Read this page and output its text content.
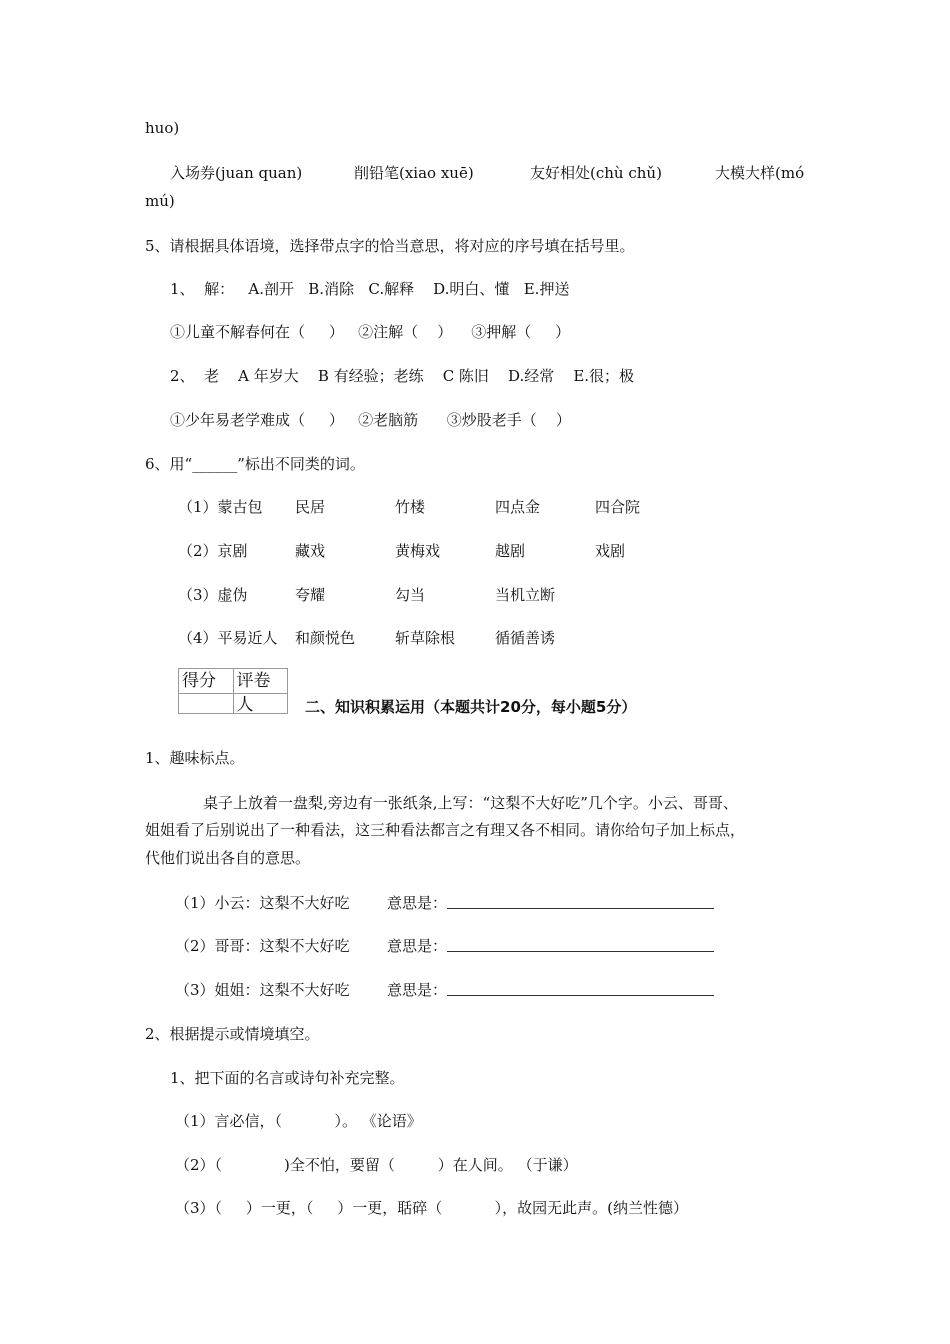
huo)
入场券(juan quan)	削铅笔(xiao xuē)	友好相处(chù chǔ)	大模大样(mó
mú)
5、请根据具体语境，选择带点字的恰当意思，将对应的序号填在括号里。
1、  解：   A.剖开   B.消除   C.解释    D.明白、懂   E.押送
①儿童不解春何在（     ）   ②注解（    ）    ③押解（     ）
2、  老    A 年岁大    B 有经验；老练    C 陈旧    D.经常    E.很；极
①少年易老学难成（     ）   ②老脑筋      ③炒股老手（    ）
6、用“______”标出不同类的词。
（1）蒙古包	民居	竹楼	四点金	四合院
（2）京剧	藏戏	黄梅戏	越剧	戏剧
（3）虚伪	夸耀	勾当	当机立断
（4）平易近人	和颜悦色	斩草除根	循循善诱
得分	评卷人	二、知识积累运用（本题共计20分，每小题5分）
1、趣味标点。
桌子上放着一盘梨,旁边有一张纸条,上写：“这梨不大好吃”几个字。小云、哥哥、
姐姐看了后别说出了一种看法，这三种看法都言之有理又各不相同。请你给句子加上标点，
代他们说出各自的意思。
（1）小云：这梨不大好吃	意思是：
（2）哥哥：这梨不大好吃	意思是：
（3）姐姐：这梨不大好吃	意思是：
2、根据提示或情境填空。
1、把下面的名言或诗句补充完整。
（1）言必信，（           ）。 《论语》
（2）（             )全不怕，要留（         ）在人间。 （于谦）
（3）（     ）一更，（     ）一更，聒碎（           ），故园无此声。(纳兰性德）
